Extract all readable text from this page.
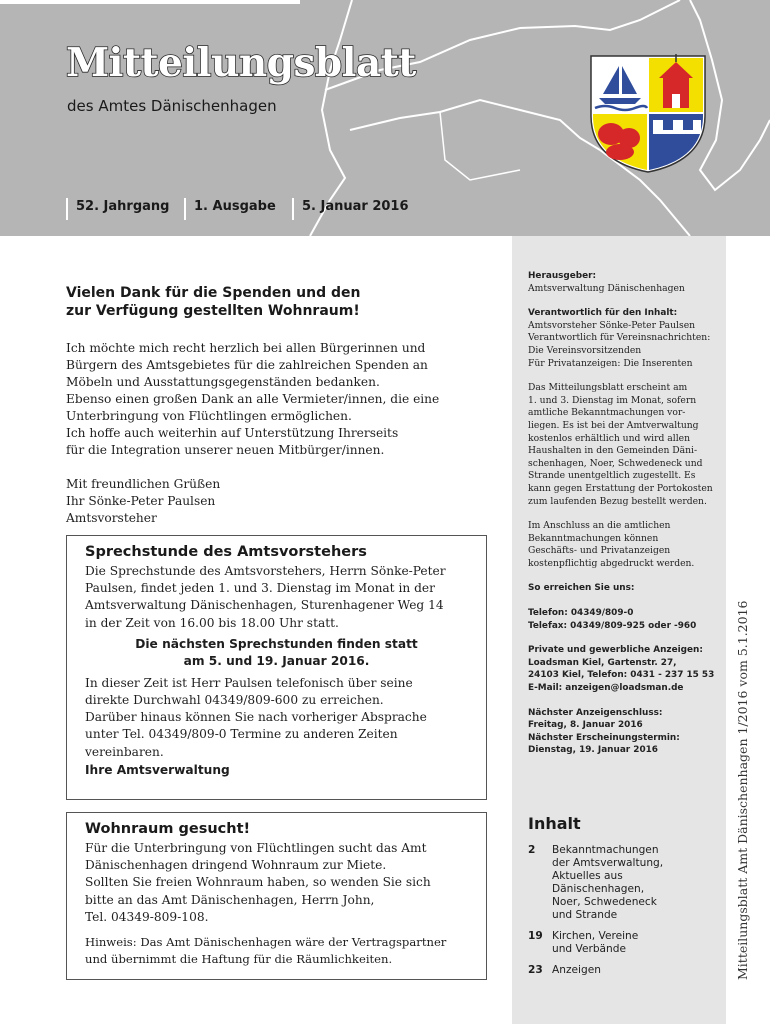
Mitteilungsblatt
des Amtes Dänischenhagen
52. Jahrgang	1. Ausgabe	5. Januar 2016
Vielen Dank für die Spenden und den
zur Verfügung gestellten Wohnraum!

Ich möchte mich recht herzlich bei allen Bürgerinnen und
Bürgern des Amtsgebietes für die zahlreichen Spenden an
Möbeln und Ausstattungsgegenständen bedanken.
Ebenso einen großen Dank an alle Vermieter/innen, die eine
Unterbringung von Flüchtlingen ermöglichen.
Ich hoffe auch weiterhin auf Unterstützung Ihrerseits
für die Integration unserer neuen Mitbürger/innen.

Mit freundlichen Grüßen
Ihr Sönke-Peter Paulsen
Amtsvorsteher

Sprechstunde des Amtsvorstehers

Die Sprechstunde des Amtsvorstehers, Herrn Sönke-Peter
Paulsen, findet jeden 1. und 3. Dienstag im Monat in der
Amtsverwaltung Dänischenhagen, Sturenhagener Weg 14
in der Zeit von 16.00 bis 18.00 Uhr statt.

Die nächsten Sprechstunden finden statt
am 5. und 19. Januar 2016.

In dieser Zeit ist Herr Paulsen telefonisch über seine
direkte Durchwahl 04349/809-600 zu erreichen.
Darüber hinaus können Sie nach vorheriger Absprache
unter Tel. 04349/809-0 Termine zu anderen Zeiten
vereinbaren.

Ihre Amtsverwaltung
Wohnraum gesucht!

Für die Unterbringung von Flüchtlingen sucht das Amt
Dänischenhagen dringend Wohnraum zur Miete.
Sollten Sie freien Wohnraum haben, so wenden Sie sich
bitte an das Amt Dänischenhagen, Herrn John,
Tel. 04349-809-108.

Hinweis: Das Amt Dänischenhagen wäre der Vertragspartner
und übernimmt die Haftung für die Räumlichkeiten.

Herausgeber:
Amtsverwaltung Dänischenhagen
Verantwortlich für den Inhalt:
Amtsvorsteher Sönke-Peter Paulsen
Verantwortlich für Vereinsnachrichten:
Die Vereinsvorsitzenden
Für Privatanzeigen: Die Inserenten
Das Mitteilungsblatt erscheint am
1. und 3. Dienstag im Monat, sofern
amtliche Bekanntmachungen vor-
liegen. Es ist bei der Amtverwaltung
kostenlos erhältlich und wird allen
Haushalten in den Gemeinden Däni-
schenhagen, Noer, Schwedeneck und
Strande unentgeltlich zugestellt. Es
kann gegen Erstattung der Portokosten
zum laufenden Bezug bestellt werden.
Im Anschluss an die amtlichen
Bekanntmachungen können
Geschäfts- und Privatanzeigen
kostenpflichtig abgedruckt werden.
So erreichen Sie uns:
Telefon: 04349/809-0
Telefax: 04349/809-925 oder -960
Private und gewerbliche Anzeigen:
Loadsman Kiel, Gartenstr. 27,
24103 Kiel, Telefon: 0431 - 237 15 53
E-Mail: anzeigen@loadsman.de
Nächster Anzeigenschluss:
Freitag, 8. Januar 2016
Nächster Erscheinungstermin:
Dienstag, 19. Januar 2016
Inhalt
2	Bekanntmachungen
der Amtsverwaltung,
Aktuelles aus
Dänischenhagen,
Noer, Schwedeneck
und Strande
19 Kirchen, Vereine
und Verbände
23 Anzeigen	Mitteilungsblatt Amt Dänischenhagen 1/2016 vom 5.1.2016
